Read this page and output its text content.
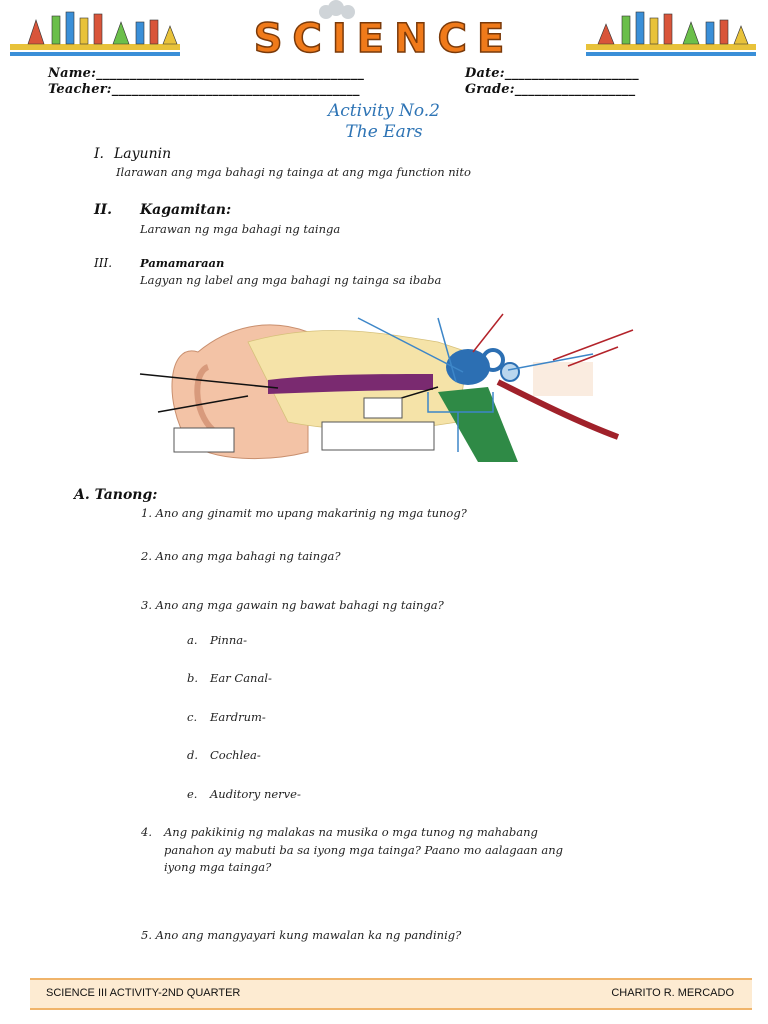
SCIENCE
Name:________________________________________
Teacher:_____________________________________
Date:____________________
Grade:__________________
Activity No.2
The Ears
I. Layunin
Ilarawan ang mga bahagi ng tainga at ang mga function nito
II. Kagamitan:
Larawan ng mga bahagi ng tainga
III. Pamamaraan
Lagyan ng label ang mga bahagi ng tainga sa ibaba
A. Tanong:
1. Ano ang ginamit mo upang makarinig ng mga tunog?
2. Ano ang mga bahagi ng tainga?
3. Ano ang mga gawain ng bawat bahagi ng tainga?
a. Pinna-
b. Ear Canal-
c. Eardrum-
d. Cochlea-
e. Auditory nerve-
4. Ang pakikinig ng malakas na musika o mga tunog ng mahabang
panahon ay mabuti ba sa iyong mga tainga? Paano mo aalagaan ang
iyong mga tainga?
5. Ano ang mangyayari kung mawalan ka ng pandinig?
SCIENCE III ACTIVITY-2ND QUARTER	CHARITO R. MERCADO
